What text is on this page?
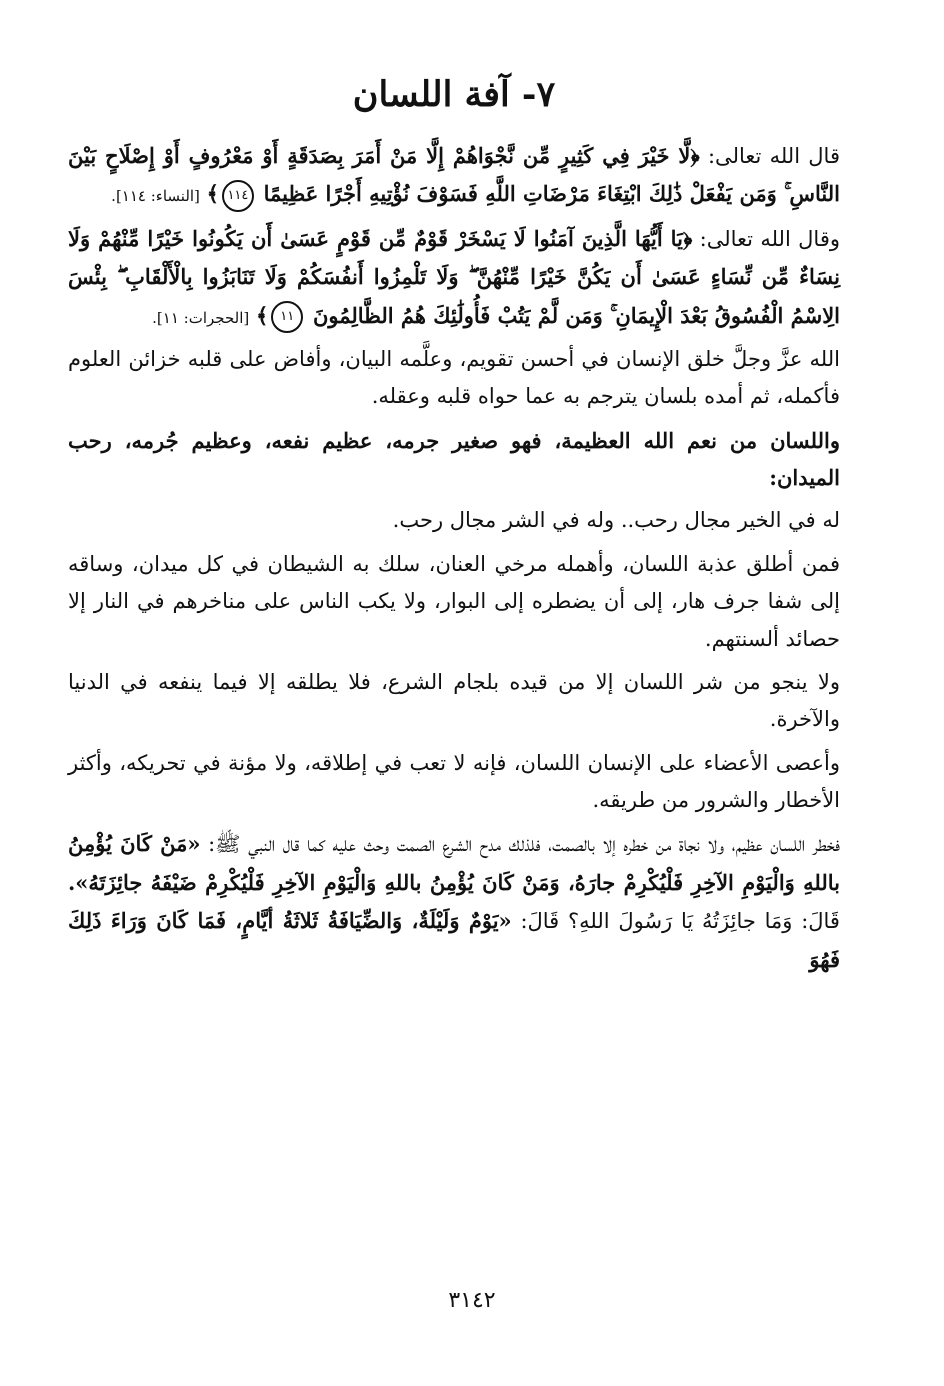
٧- آفة اللسان

قال الله تعالى: ﴿لَّا خَيْرَ فِي كَثِيرٍ مِّن نَّجْوَاهُمْ إِلَّا مَنْ أَمَرَ بِصَدَقَةٍ أَوْ مَعْرُوفٍ أَوْ إِصْلَاحٍ بَيْنَ النَّاسِ ۚ وَمَن يَفْعَلْ ذَٰلِكَ ابْتِغَاءَ مَرْضَاتِ اللَّهِ فَسَوْفَ نُؤْتِيهِ أَجْرًا عَظِيمًا ١١٤﴾ [النساء: ١١٤].

وقال الله تعالى: ﴿يَا أَيُّهَا الَّذِينَ آمَنُوا لَا يَسْخَرْ قَوْمٌ مِّن قَوْمٍ عَسَىٰ أَن يَكُونُوا خَيْرًا مِّنْهُمْ وَلَا نِسَاءٌ مِّن نِّسَاءٍ عَسَىٰ أَن يَكُنَّ خَيْرًا مِّنْهُنَّ ۖ وَلَا تَلْمِزُوا أَنفُسَكُمْ وَلَا تَنَابَزُوا بِالْأَلْقَابِ ۖ بِئْسَ الِاسْمُ الْفُسُوقُ بَعْدَ الْإِيمَانِ ۚ وَمَن لَّمْ يَتُبْ فَأُولَٰئِكَ هُمُ الظَّالِمُونَ ١١﴾ [الحجرات: ١١].

الله عزَّ وجلَّ خلق الإنسان في أحسن تقويم، وعلَّمه البيان، وأفاض على قلبه خزائن العلوم فأكمله، ثم أمده بلسان يترجم به عما حواه قلبه وعقله.

واللسان من نعم الله العظيمة، فهو صغير جرمه، عظيم نفعه، وعظيم جُرمه، رحب الميدان:

له في الخير مجال رحب.. وله في الشر مجال رحب.

فمن أطلق عذبة اللسان، وأهمله مرخي العنان، سلك به الشيطان في كل ميدان، وساقه إلى شفا جرف هار، إلى أن يضطره إلى البوار، ولا يكب الناس على مناخرهم في النار إلا حصائد ألسنتهم.

ولا ينجو من شر اللسان إلا من قيده بلجام الشرع، فلا يطلقه إلا فيما ينفعه في الدنيا والآخرة.

وأعصى الأعضاء على الإنسان اللسان، فإنه لا تعب في إطلاقه، ولا مؤنة في تحريكه، وأكثر الأخطار والشرور من طريقه.

فخطر اللسان عظيم، ولا نجاة من خطره إلا بالصمت، فلذلك مدح الشرع الصمت وحث عليه كما قال النبي ﷺ: «مَنْ كَانَ يُؤْمِنُ باللهِ وَالْيَوْمِ الآخِرِ فَلْيُكْرِمْ جارَهُ، وَمَنْ كَانَ يُؤْمِنُ باللهِ وَالْيَوْمِ الآخِرِ فَلْيُكْرِمْ ضَيْفَهُ جائِزَتَهُ». قَالَ: وَمَا جائِزَتُهُ يَا رَسُولَ اللهِ؟ قَالَ: «يَوْمٌ وَلَيْلَةٌ، وَالضِّيَافَةُ ثَلاثَةُ أيَّامٍ، فَمَا كَانَ وَرَاءَ ذَلِكَ فَهُوَ

٣١٤٢
